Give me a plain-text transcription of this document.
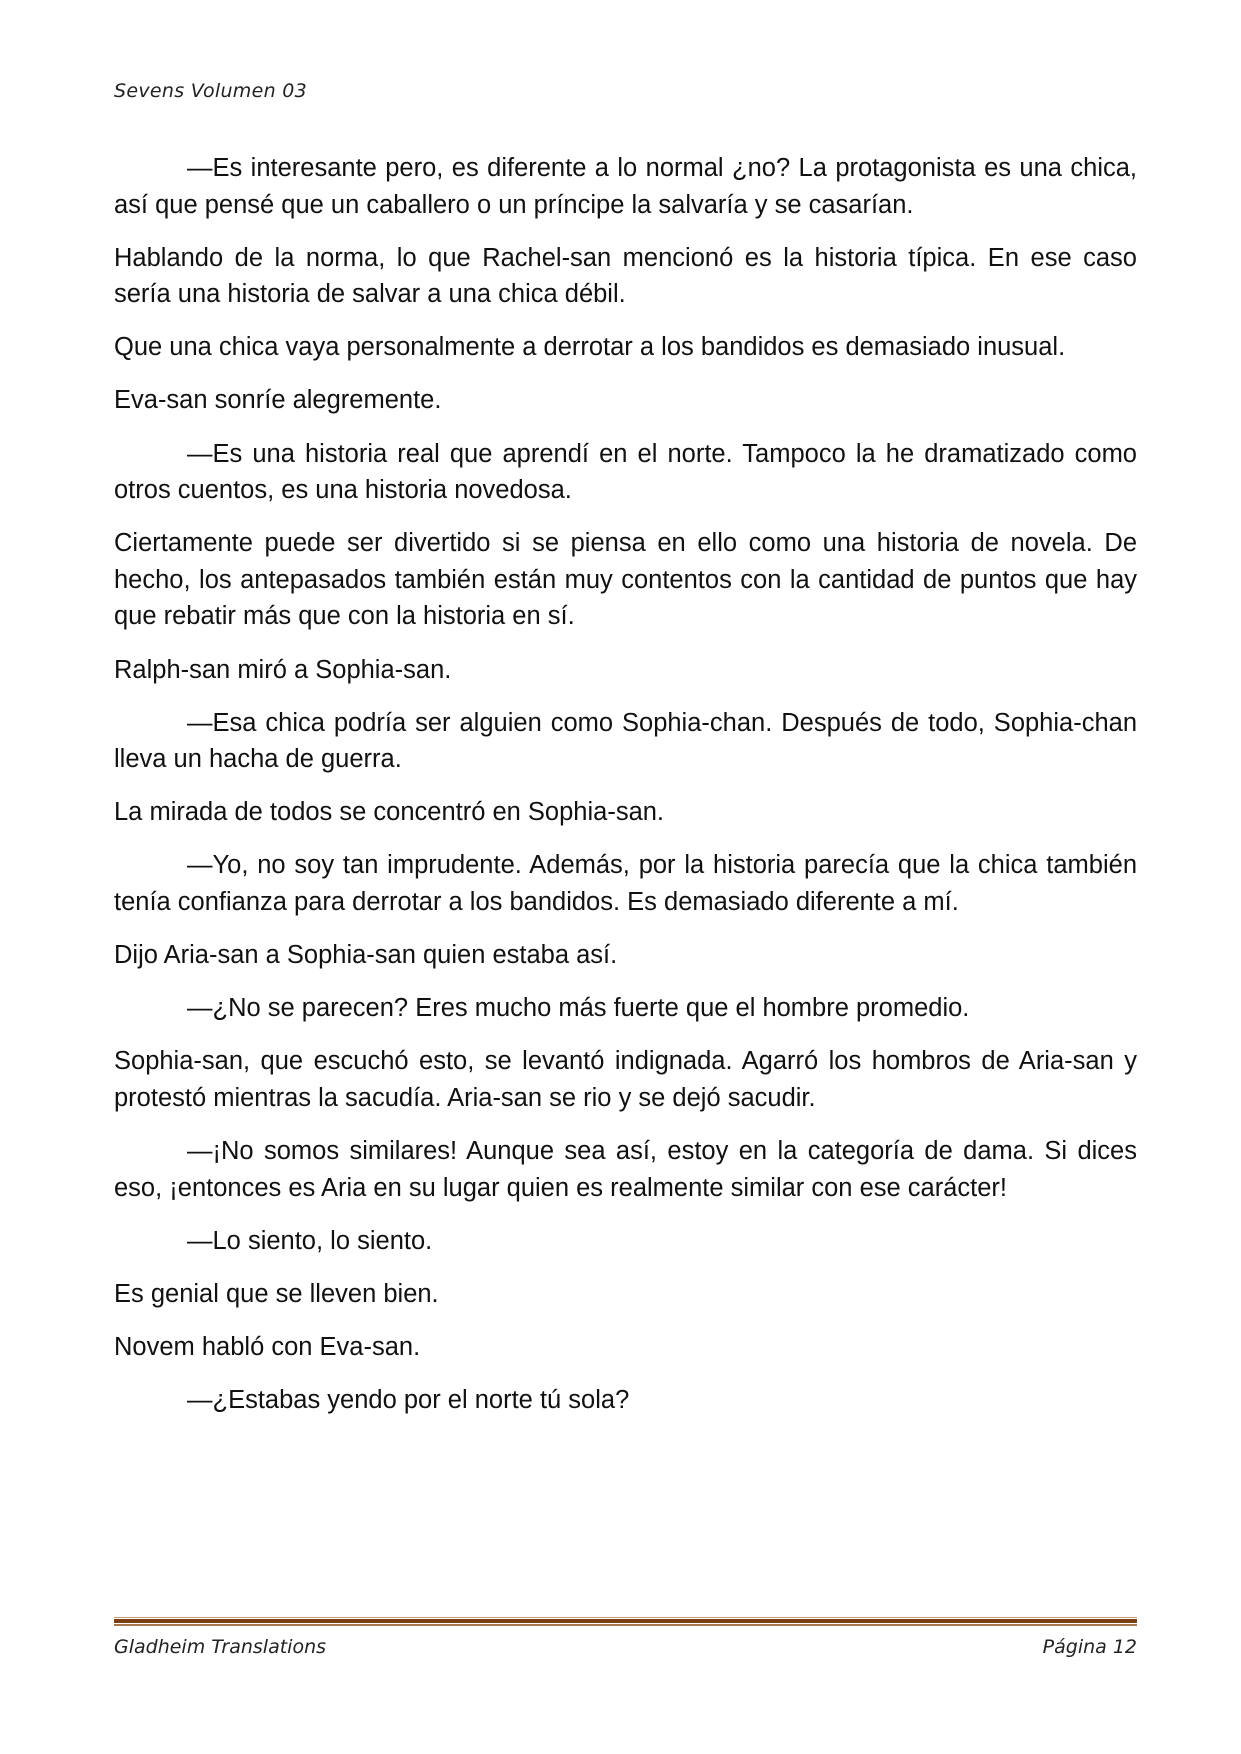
Sevens Volumen 03

—Es interesante pero, es diferente a lo normal ¿no? La protagonista es una chica, así que pensé que un caballero o un príncipe la salvaría y se casarían.

Hablando de la norma, lo que Rachel-san mencionó es la historia típica. En ese caso sería una historia de salvar a una chica débil.

Que una chica vaya personalmente a derrotar a los bandidos es demasiado inusual.

Eva-san sonríe alegremente.

—Es una historia real que aprendí en el norte. Tampoco la he dramatizado como otros cuentos, es una historia novedosa.

Ciertamente puede ser divertido si se piensa en ello como una historia de novela. De hecho, los antepasados también están muy contentos con la cantidad de puntos que hay que rebatir más que con la historia en sí.

Ralph-san miró a Sophia-san.

—Esa chica podría ser alguien como Sophia-chan. Después de todo, Sophia-chan lleva un hacha de guerra.

La mirada de todos se concentró en Sophia-san.

—Yo, no soy tan imprudente. Además, por la historia parecía que la chica también tenía confianza para derrotar a los bandidos. Es demasiado diferente a mí.

Dijo Aria-san a Sophia-san quien estaba así.

—¿No se parecen? Eres mucho más fuerte que el hombre promedio.

Sophia-san, que escuchó esto, se levantó indignada. Agarró los hombros de Aria-san y protestó mientras la sacudía. Aria-san se rio y se dejó sacudir.

—¡No somos similares! Aunque sea así, estoy en la categoría de dama. Si dices eso, ¡entonces es Aria en su lugar quien es realmente similar con ese carácter!

—Lo siento, lo siento.

Es genial que se lleven bien.

Novem habló con Eva-san.

—¿Estabas yendo por el norte tú sola?

Gladheim Translations	Página 12
